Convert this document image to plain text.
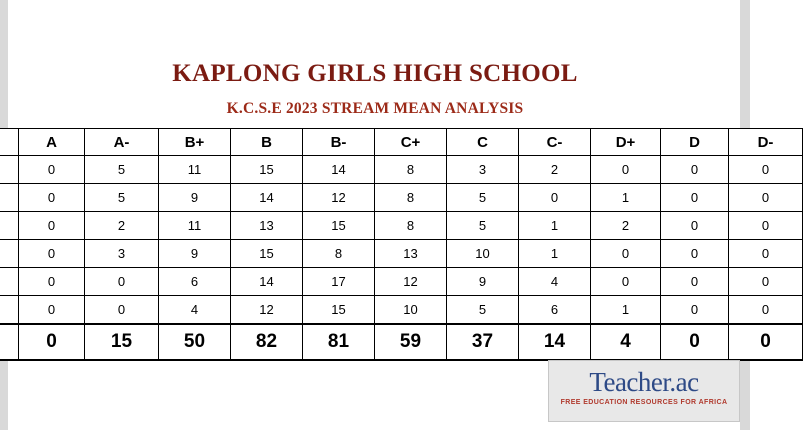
KAPLONG GIRLS HIGH SCHOOL
K.C.S.E 2023 STREAM MEAN ANALYSIS
	A	A-	B+	B	B-	C+	C	C-	D+	D	D-
	0	5	11	15	14	8	3	2	0	0	0
	0	5	9	14	12	8	5	0	1	0	0
	0	2	11	13	15	8	5	1	2	0	0
	0	3	9	15	8	13	10	1	0	0	0
	0	0	6	14	17	12	9	4	0	0	0
	0	0	4	12	15	10	5	6	1	0	0
	0	15	50	82	81	59	37	14	4	0	0
Teacher.ac
FREE EDUCATION RESOURCES FOR AFRICA
